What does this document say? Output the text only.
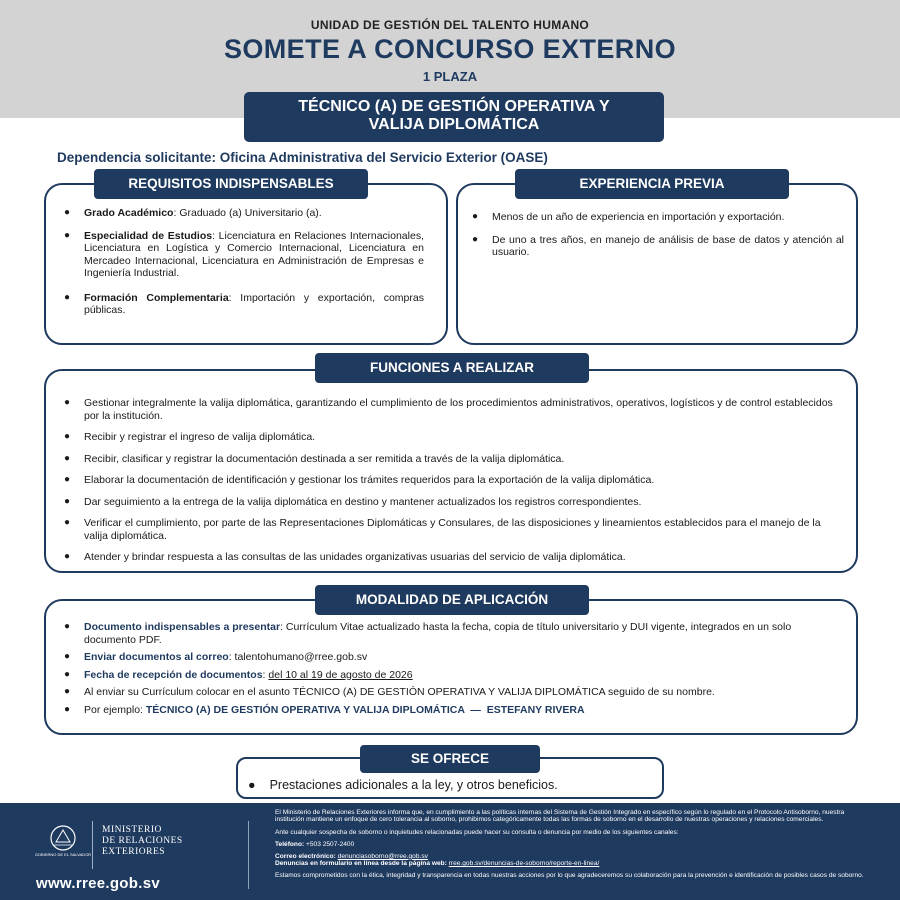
UNIDAD DE GESTIÓN DEL TALENTO HUMANO
SOMETE A CONCURSO EXTERNO
1 PLAZA
TÉCNICO (A) DE GESTIÓN OPERATIVA Y
VALIJA DIPLOMÁTICA
Dependencia solicitante: Oficina Administrativa del Servicio Exterior (OASE)
● Grado Académico: Graduado (a) Universitario (a).
● Especialidad de Estudios: Licenciatura en Relaciones Internacionales, Licenciatura en Logística y Comercio Internacional, Licenciatura en Mercadeo Internacional, Licenciatura en Administración de Empresas e Ingeniería Industrial.
● Formación Complementaria: Importación y exportación, compras públicas.
REQUISITOS INDISPENSABLES
● Menos de un año de experiencia en importación y exportación.
● De uno a tres años, en manejo de análisis de base de datos y atención al usuario.
EXPERIENCIA PREVIA
● Gestionar integralmente la valija diplomática, garantizando el cumplimiento de los procedimientos administrativos, operativos, logísticos y de control establecidos por la institución.
● Recibir y registrar el ingreso de valija diplomática.
● Recibir, clasificar y registrar la documentación destinada a ser remitida a través de la valija diplomática.
● Elaborar la documentación de identificación y gestionar los trámites requeridos para la exportación de la valija diplomática.
● Dar seguimiento a la entrega de la valija diplomática en destino y mantener actualizados los registros correspondientes.
● Verificar el cumplimiento, por parte de las Representaciones Diplomáticas y Consulares, de las disposiciones y lineamientos establecidos para el manejo de la valija diplomática.
● Atender y brindar respuesta a las consultas de las unidades organizativas usuarias del servicio de valija diplomática.
FUNCIONES A REALIZAR
● Documento indispensables a presentar: Currículum Vitae actualizado hasta la fecha, copia de título universitario y DUI vigente, integrados en un solo documento PDF.
● Enviar documentos al correo: talentohumano@rree.gob.sv
● Fecha de recepción de documentos: del 10 al 19 de agosto de 2026
● Al enviar su Currículum colocar en el asunto TÉCNICO (A) DE GESTIÓN OPERATIVA Y VALIJA DIPLOMÁTICA seguido de su nombre.
● Por ejemplo: TÉCNICO (A) DE GESTIÓN OPERATIVA Y VALIJA DIPLOMÁTICA  —  ESTEFANY RIVERA
MODALIDAD DE APLICACIÓN
● Prestaciones adicionales a la ley, y otros beneficios.
SE OFRECE
GOBIERNO DE EL SALVADOR
MINISTERIO
DE RELACIONES
EXTERIORES
www.rree.gob.sv

El Ministerio de Relaciones Exteriores informa que, en cumplimiento a las políticas internas del Sistema de Gestión Integrado en específico según lo regulado en el Protocolo Antisoborno, nuestra institución mantiene un enfoque de cero tolerancia al soborno, prohibimos categóricamente todas las formas de soborno en el desarrollo de nuestras operaciones y relaciones comerciales.

Ante cualquier sospecha de soborno o inquietudes relacionadas puede hacer su consulta o denuncia por medio de los siguientes canales:

Teléfono: +503 2507-2400

Correo electrónico: denunciasoborno@rree.gob.sv

Denuncias en formulario en línea desde la página web: rree.gob.sv/denuncias-de-soborno/reporte-en-linea/

Estamos comprometidos con la ética, integridad y transparencia en todas nuestras acciones por lo que agradeceremos su colaboración para la prevención e identificación de posibles casos de soborno.
